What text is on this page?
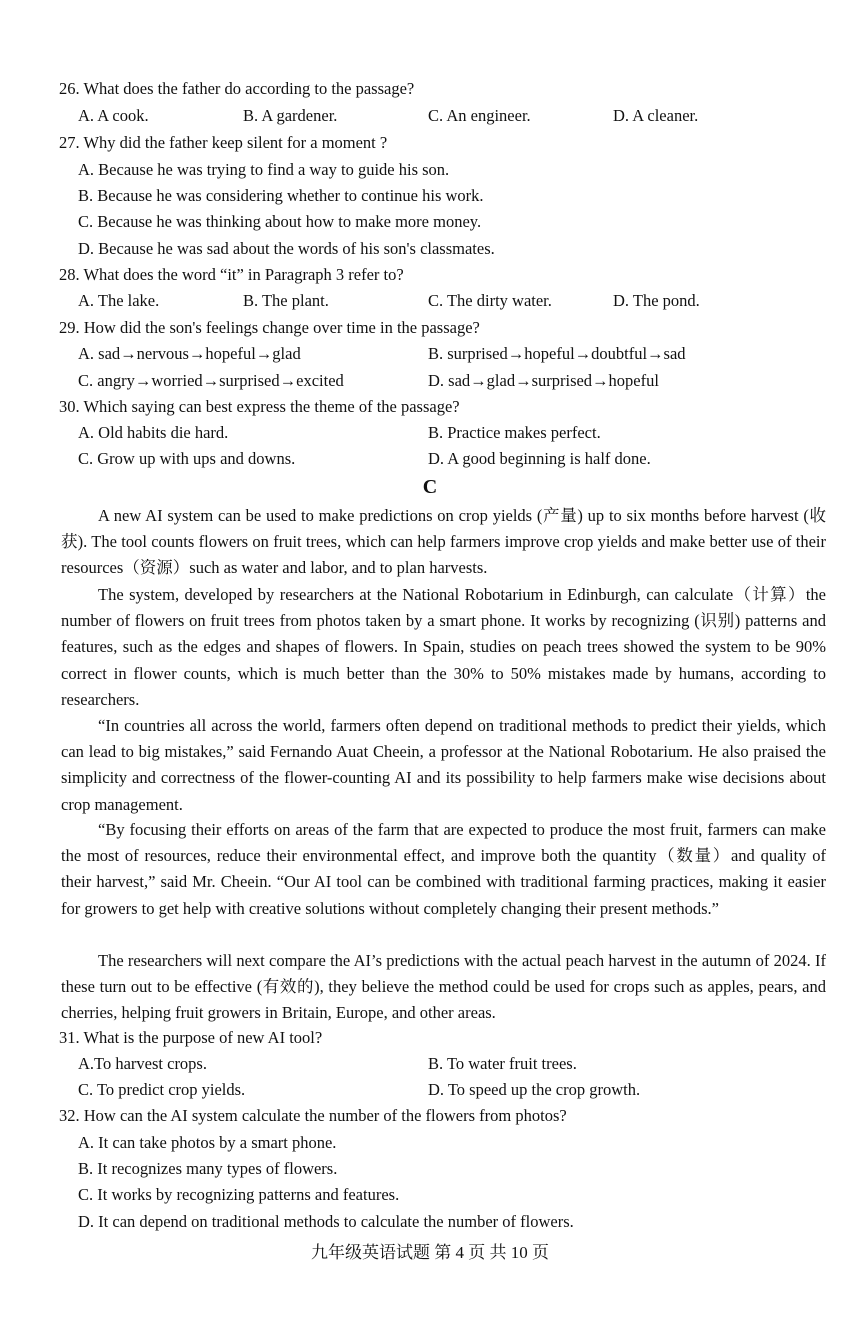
26. What does the father do according to the passage?
A. A cook.	B. A gardener.	C. An engineer.	D. A cleaner.
27. Why did the father keep silent for a moment ?
A. Because he was trying to find a way to guide his son.
B. Because he was considering whether to continue his work.
C. Because he was thinking about how to make more money.
D. Because he was sad about the words of his son's classmates.
28. What does the word “it” in Paragraph 3 refer to?
A. The lake.	B. The plant.	C. The dirty water.	D. The pond.
29. How did the son's feelings change over time in the passage?
A. sad→nervous→hopeful→glad	B. surprised→hopeful→doubtful→sad
C. angry→worried→surprised→excited	D. sad→glad→surprised→hopeful
30. Which saying can best express the theme of the passage?
A. Old habits die hard.	B. Practice makes perfect.
C. Grow up with ups and downs.	D. A good beginning is half done.
C

A new AI system can be used to make predictions on crop yields (产量) up to six months before harvest (收获). The tool counts flowers on fruit trees, which can help farmers improve crop yields and make better use of their resources（资源）such as water and labor, and to plan harvests.

The system, developed by researchers at the National Robotarium in Edinburgh, can calculate（计算）the number of flowers on fruit trees from photos taken by a smart phone. It works by recognizing (识别) patterns and features, such as the edges and shapes of flowers. In Spain, studies on peach trees showed the system to be 90% correct in flower counts, which is much better than the 30% to 50% mistakes made by humans, according to researchers.

“In countries all across the world, farmers often depend on traditional methods to predict their yields, which can lead to big mistakes,” said Fernando Auat Cheein, a professor at the National Robotarium. He also praised the simplicity and correctness of the flower-counting AI and its possibility to help farmers make wise decisions about crop management.

“By focusing their efforts on areas of the farm that are expected to produce the most fruit, farmers can make the most of resources, reduce their environmental effect, and improve both the quantity（数量）and quality of their harvest,” said Mr. Cheein. “Our AI tool can be combined with traditional farming practices, making it easier for growers to get help with creative solutions without completely changing their present methods.”

The researchers will next compare the AI’s predictions with the actual peach harvest in the autumn of 2024. If these turn out to be effective (有效的), they believe the method could be used for crops such as apples, pears, and cherries, helping fruit growers in Britain, Europe, and other areas.

31. What is the purpose of new AI tool?
A.To harvest crops.	B. To water fruit trees.
C. To predict crop yields.	D. To speed up the crop growth.
32. How can the AI system calculate the number of the flowers from photos?
A. It can take photos by a smart phone.
B. It recognizes many types of flowers.
C. It works by recognizing patterns and features.
D. It can depend on traditional methods to calculate the number of flowers.
九年级英语试题 第 4 页 共 10 页
